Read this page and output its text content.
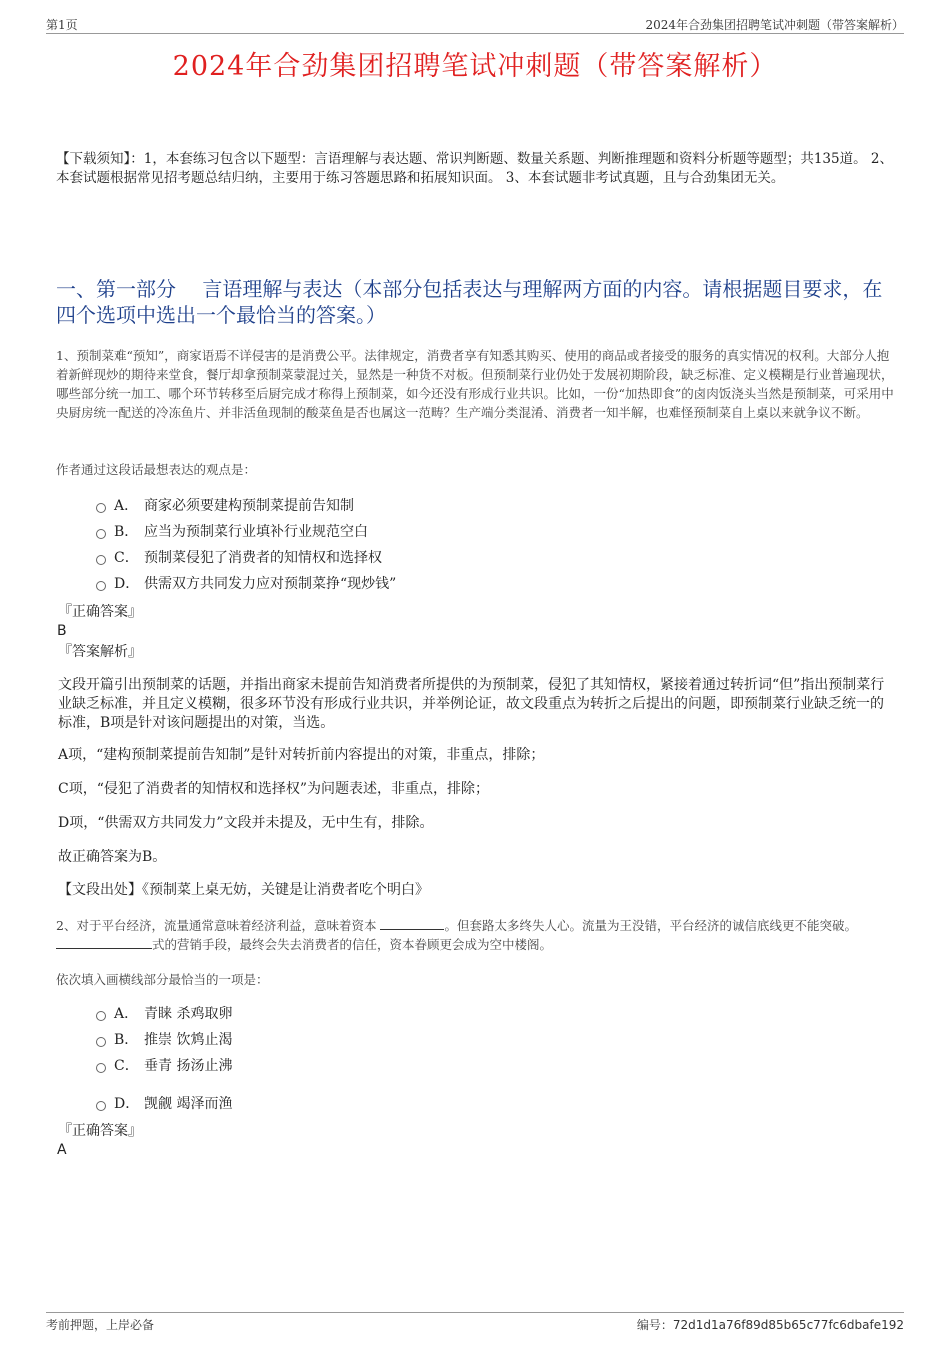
第1页	2024年合劲集团招聘笔试冲刺题（带答案解析）
2024年合劲集团招聘笔试冲刺题（带答案解析）
【下载须知】：1，本套练习包含以下题型：言语理解与表达题、常识判断题、数量关系题、判断推理题和资料分析题等题型；共135道。 2、本套试题根据常见招考题总结归纳，主要用于练习答题思路和拓展知识面。 3、本套试题非考试真题，且与合劲集团无关。
一、第一部分　 言语理解与表达（本部分包括表达与理解两方面的内容。请根据题目要求，在四个选项中选出一个最恰当的答案。）
1、预制菜难“预知”，商家语焉不详侵害的是消费公平。法律规定，消费者享有知悉其购买、使用的商品或者接受的服务的真实情况的权利。大部分人抱着新鲜现炒的期待来堂食，餐厅却拿预制菜蒙混过关，显然是一种货不对板。但预制菜行业仍处于发展初期阶段，缺乏标准、定义模糊是行业普遍现状，哪些部分统一加工、哪个环节转移至后厨完成才称得上预制菜，如今还没有形成行业共识。比如，一份“加热即食”的卤肉饭浇头当然是预制菜，可采用中央厨房统一配送的冷冻鱼片、并非活鱼现制的酸菜鱼是否也属这一范畴？生产端分类混淆、消费者一知半解，也难怪预制菜自上桌以来就争议不断。
作者通过这段话最想表达的观点是：
A． 商家必须要建构预制菜提前告知制
B． 应当为预制菜行业填补行业规范空白
C． 预制菜侵犯了消费者的知情权和选择权
D． 供需双方共同发力应对预制菜挣“现炒钱”
『正确答案』
B
『答案解析』
文段开篇引出预制菜的话题，并指出商家未提前告知消费者所提供的为预制菜，侵犯了其知情权，紧接着通过转折词“但”指出预制菜行业缺乏标准，并且定义模糊，很多环节没有形成行业共识，并举例论证，故文段重点为转折之后提出的问题，即预制菜行业缺乏统一的标准，B项是针对该问题提出的对策，当选。
A项，“建构预制菜提前告知制”是针对转折前内容提出的对策，非重点，排除；
C项，“侵犯了消费者的知情权和选择权”为问题表述，非重点，排除；
D项，“供需双方共同发力”文段并未提及，无中生有，排除。
故正确答案为B。
【文段出处】《预制菜上桌无妨，关键是让消费者吃个明白》
2、对于平台经济，流量通常意味着经济利益，意味着资本	。但套路太多终失人心。流量为王没错，平台经济的诚信底线更不能突破。 式的营销手段，最终会失去消费者的信任，资本眷顾更会成为空中楼阁。
依次填入画横线部分最恰当的一项是：
A． 青睐 杀鸡取卵
B． 推崇 饮鸩止渴
C． 垂青 扬汤止沸
D． 觊觎 竭泽而渔
『正确答案』
A
考前押题，上岸必备	编号：72d1d1a76f89d85b65c77fc6dbafe192
